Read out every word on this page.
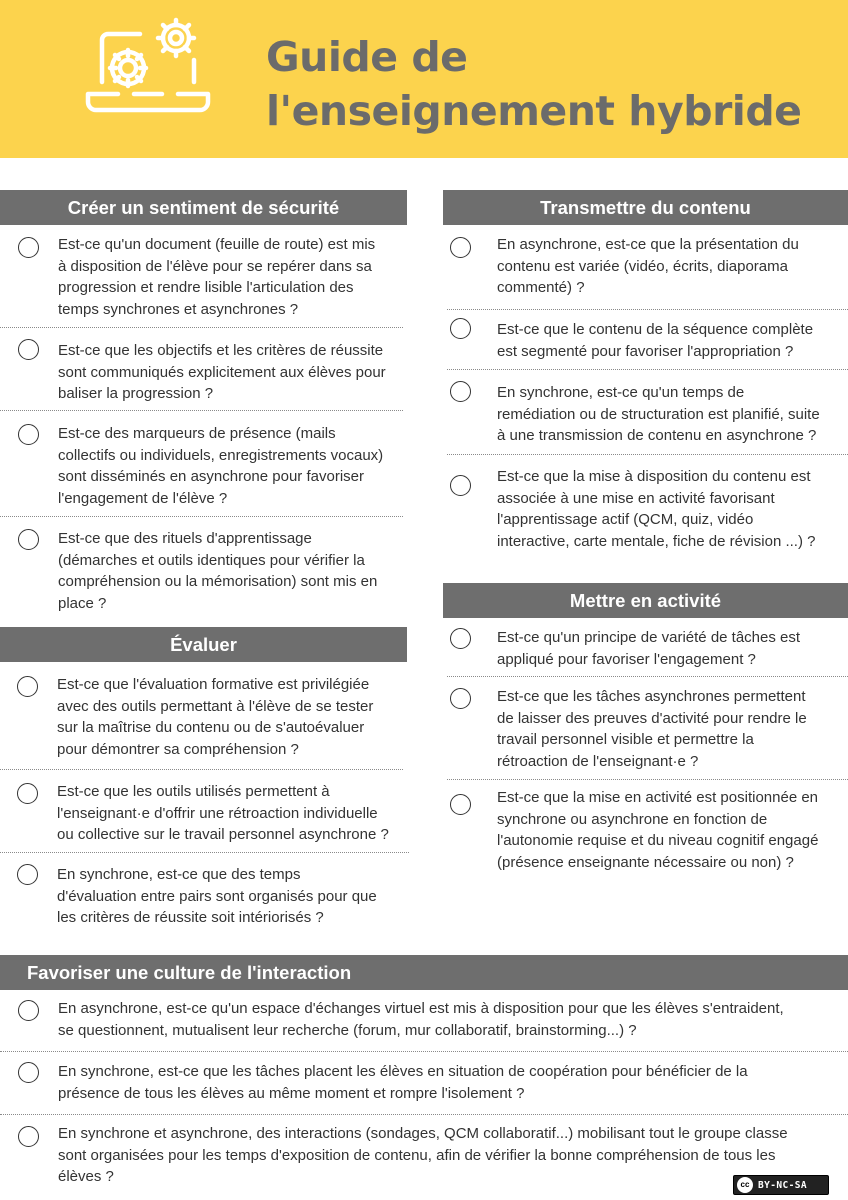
Guide de
l'enseignement hybride
Créer un sentiment de sécurité	Transmettre du contenu
Évaluer
Mettre en activité
Favoriser une culture de l'interaction
Est-ce qu'un document (feuille de route) est mis
à disposition de l'élève pour se repérer dans sa
progression et rendre lisible l'articulation des
temps synchrones et asynchrones ?
Est-ce que les objectifs et les critères de réussite
sont communiqués explicitement aux élèves pour
baliser la progression ?
Est-ce des marqueurs de présence (mails
collectifs ou individuels, enregistrements vocaux)
sont disséminés en asynchrone pour favoriser
l'engagement de l'élève ?
Est-ce que des rituels d'apprentissage
(démarches et outils identiques pour vérifier la
compréhension ou la mémorisation) sont mis en
place ?
Est-ce que l'évaluation formative est privilégiée
avec des outils permettant à l'élève de se tester
sur la maîtrise du contenu ou de s'autoévaluer
pour démontrer sa compréhension ?
Est-ce que les outils utilisés permettent à
l'enseignant·e d'offrir une rétroaction individuelle
ou collective sur le travail personnel asynchrone ?
En synchrone, est-ce que des temps
d'évaluation entre pairs sont organisés pour que
les critères de réussite soit intériorisés ?
En asynchrone, est-ce que la présentation du
contenu est variée (vidéo, écrits, diaporama
commenté) ?
Est-ce que le contenu de la séquence complète
est segmenté pour favoriser l'appropriation ?
En synchrone, est-ce qu'un temps de
remédiation ou de structuration est planifié, suite
à une transmission de contenu en asynchrone ?
Est-ce que la mise à disposition du contenu est
associée à une mise en activité favorisant
l'apprentissage actif (QCM, quiz, vidéo
interactive, carte mentale, fiche de révision ...) ?
Est-ce qu'un principe de variété de tâches est
appliqué pour favoriser l'engagement ?
Est-ce que les tâches asynchrones permettent
de laisser des preuves d'activité pour rendre le
travail personnel visible et permettre la
rétroaction de l'enseignant·e ?
Est-ce que la mise en activité est positionnée en
synchrone ou asynchrone en fonction de
l'autonomie requise et du niveau cognitif engagé
(présence enseignante nécessaire ou non) ?
En asynchrone, est-ce qu'un espace d'échanges virtuel est mis à disposition pour que les élèves s'entraident,
se questionnent, mutualisent leur recherche (forum, mur collaboratif, brainstorming...) ?
En synchrone, est-ce que les tâches placent les élèves en situation de coopération pour bénéficier de la
présence de tous les élèves au même moment et rompre l'isolement ?
En synchrone et asynchrone, des interactions (sondages, QCM collaboratif...) mobilisant tout le groupe classe
sont organisées pour les temps d'exposition de contenu, afin de vérifier la bonne compréhension de tous les
élèves ?	cc BY-NC-SA
